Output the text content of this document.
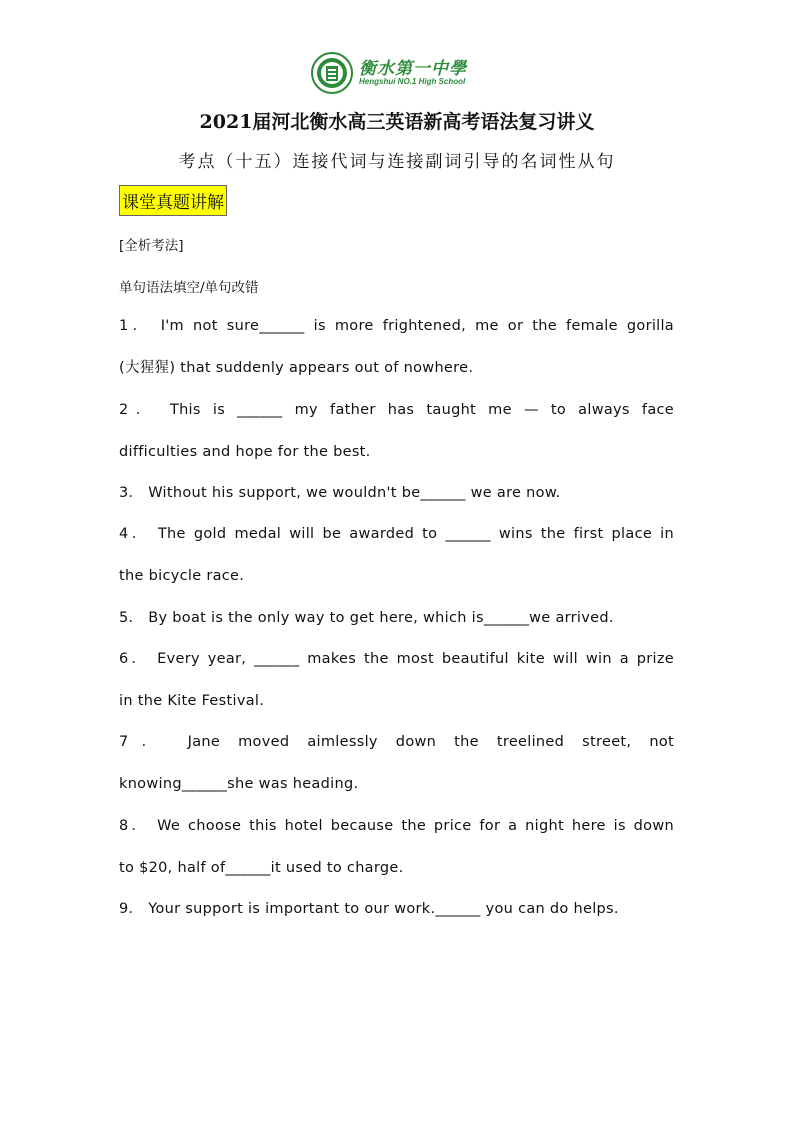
衡水第一中學
Hengshui NO.1 High School
2021届河北衡水高三英语新高考语法复习讲义
考点（十五）连接代词与连接副词引导的名词性从句
课堂真题讲解
[全析考法]
单句语法填空/单句改错
1． I'm not sure______ is more frightened, me or the female gorilla
(大猩猩) that suddenly appears out of nowhere.
2． This is ______ my father has taught me — to always face
difficulties and hope for the best.
3． Without his support, we wouldn't be______ we are now.
4． The gold medal will be awarded to ______ wins the first place in
the bicycle race.
5． By boat is the only way to get here, which is______we arrived.
6． Every year, ______ makes the most beautiful kite will win a prize
in the Kite Festival.
7． Jane moved aimlessly down the treelined street, not
knowing______she was heading.
8． We choose this hotel because the price for a night here is down
to $20, half of______it used to charge.
9． Your support is important to our work.______ you can do helps.
